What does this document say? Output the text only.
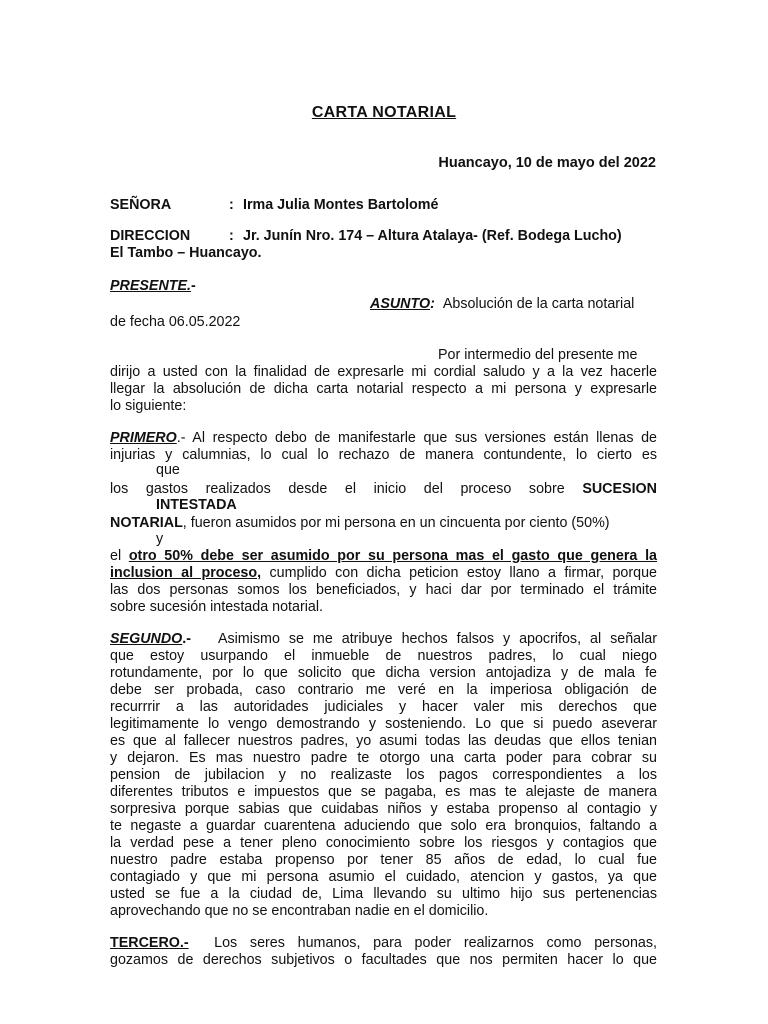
CARTA NOTARIAL
Huancayo, 10 de mayo del 2022
SEÑORA	: Irma Julia Montes Bartolomé
DIRECCION	: Jr. Junín Nro. 174 – Altura Atalaya- (Ref. Bodega Lucho)
El Tambo – Huancayo.
PRESENTE.-
ASUNTO: Absolución de la carta notarial
de fecha 06.05.2022
Por intermedio del presente me
dirijo a usted con la finalidad de expresarle mi cordial saludo y a la vez hacerle
llegar la absolución de dicha carta notarial respecto a mi persona y expresarle
lo siguiente:
PRIMERO.- Al respecto debo de manifestarle que sus versiones están llenas de
injurias y calumnias, lo cual lo rechazo de manera contundente, lo cierto es
que
los gastos realizados desde el inicio del proceso sobre SUCESION
INTESTADA
NOTARIAL, fueron asumidos por mi persona en un cincuenta por ciento (50%)
y
el otro 50% debe ser asumido por su persona mas el gasto que genera la
inclusion al proceso, cumplido con dicha peticion estoy llano a firmar, porque
las dos personas somos los beneficiados, y haci dar por terminado el trámite
sobre sucesión intestada notarial.
SEGUNDO.- Asimismo se me atribuye hechos falsos y apocrifos, al señalar
que estoy usurpando el inmueble de nuestros padres, lo cual niego
rotundamente, por lo que solicito que dicha version antojadiza y de mala fe
debe ser probada, caso contrario me veré en la imperiosa obligación de
recurrrir a las autoridades judiciales y hacer valer mis derechos que
legitimamente lo vengo demostrando y sosteniendo. Lo que si puedo aseverar
es que al fallecer nuestros padres, yo asumi todas las deudas que ellos tenian
y dejaron. Es mas nuestro padre te otorgo una carta poder para cobrar su
pension de jubilacion y no realizaste los pagos correspondientes a los
diferentes tributos e impuestos que se pagaba, es mas te alejaste de manera
sorpresiva porque sabias que cuidabas niños y estaba propenso al contagio y
te negaste a guardar cuarentena aduciendo que solo era bronquios, faltando a
la verdad pese a tener pleno conocimiento sobre los riesgos y contagios que
nuestro padre estaba propenso por tener 85 años de edad, lo cual fue
contagiado y que mi persona asumio el cuidado, atencion y gastos, ya que
usted se fue a la ciudad de, Lima llevando su ultimo hijo sus pertenencias
aprovechando que no se encontraban nadie en el domicilio.
TERCERO.- Los seres humanos, para poder realizarnos como personas,
gozamos de derechos subjetivos o facultades que nos permiten hacer lo que
